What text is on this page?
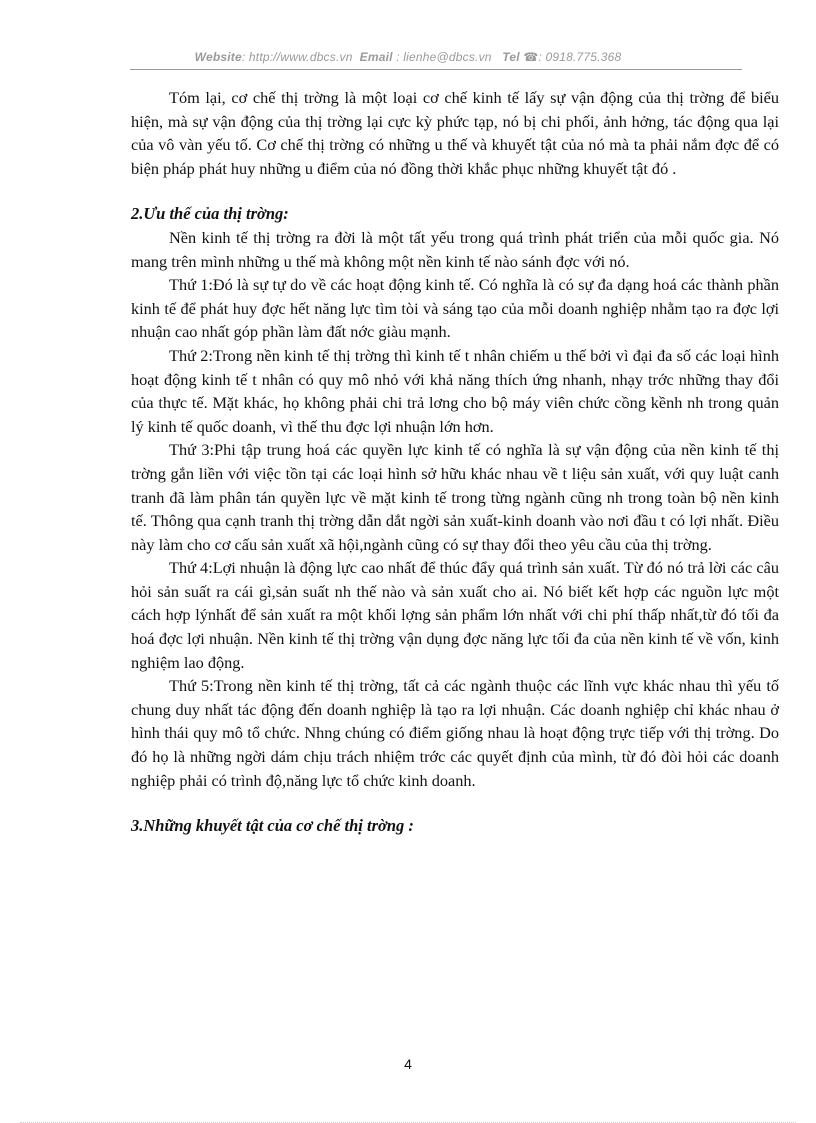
Website: http://www.dbcs.vn Email : lienhe@dbcs.vn Tel ☎: 0918.775.368

Tóm lại, cơ chế thị trờng là một loại cơ chế kinh tế lấy sự vận động của thị trờng để biểu hiện, mà sự vận động của thị trờng lại cực kỳ phức tạp, nó bị chi phối, ảnh hởng, tác động qua lại của vô vàn yếu tố. Cơ chế thị trờng có những u thế và khuyết tật của nó mà ta phải nắm đợc để có biện pháp phát huy những u điểm của nó đồng thời khắc phục những khuyết tật đó .

2.Ưu thế của thị trờng:

Nền kinh tế thị trờng ra đời là một tất yếu trong quá trình phát triển của mỗi quốc gia. Nó mang trên mình những u thế mà không một nền kinh tế nào sánh đợc với nó.

Thứ 1:Đó là sự tự do về các hoạt động kinh tế. Có nghĩa là có sự đa dạng hoá các thành phần kinh tế để phát huy đợc hết năng lực tìm tòi và sáng tạo của mỗi doanh nghiệp nhằm tạo ra đợc lợi nhuận cao nhất góp phần làm đất nớc giàu mạnh.

Thứ 2:Trong nền kinh tế thị trờng thì kinh tế t nhân chiếm u thế bởi vì đại đa số các loại hình hoạt động kinh tế t nhân có quy mô nhỏ với khả năng thích ứng nhanh, nhạy trớc những thay đổi của thực tế. Mặt khác, họ không phải chi trả lơng cho bộ máy viên chức cồng kềnh nh trong quản lý kinh tế quốc doanh, vì thế thu đợc lợi nhuận lớn hơn.

Thứ 3:Phi tập trung hoá các quyền lực kinh tế có nghĩa là sự vận động của nền kinh tế thị trờng gắn liền với việc tồn tại các loại hình sở hữu khác nhau về t liệu sản xuất, với quy luật canh tranh đã làm phân tán quyền lực về mặt kinh tế trong từng ngành cũng nh trong toàn bộ nền kinh tế. Thông qua cạnh tranh thị trờng dẫn dắt ngời sản xuất-kinh doanh vào nơi đầu t có lợi nhất. Điều này làm cho cơ cấu sản xuất xã hội,ngành cũng có sự thay đổi theo yêu cầu của thị trờng.

Thứ 4:Lợi nhuận là động lực cao nhất để thúc đẩy quá trình sản xuất. Từ đó nó trả lời các câu hỏi sản suất ra cái gì,sản suất nh thế nào và sản xuất cho ai. Nó biết kết hợp các nguồn lực một cách hợp lýnhất để sản xuất ra một khối lợng sản phẩm lớn nhất với chi phí thấp nhất,từ đó tối đa hoá đợc lợi nhuận. Nền kinh tế thị trờng vận dụng đợc năng lực tối đa của nền kinh tế về vốn, kinh nghiệm lao động.

Thứ 5:Trong nền kinh tế thị trờng, tất cả các ngành thuộc các lĩnh vực khác nhau thì yếu tố chung duy nhất tác động đến doanh nghiệp là tạo ra lợi nhuận. Các doanh nghiệp chỉ khác nhau ở hình thái quy mô tổ chức. Nhng chúng có điểm giống nhau là hoạt động trực tiếp với thị trờng. Do đó họ là những ngời dám chịu trách nhiệm trớc các quyết định của mình, từ đó đòi hỏi các doanh nghiệp phải có trình độ,năng lực tổ chức kinh doanh.

3.Những khuyết tật của cơ chế thị trờng :

4
